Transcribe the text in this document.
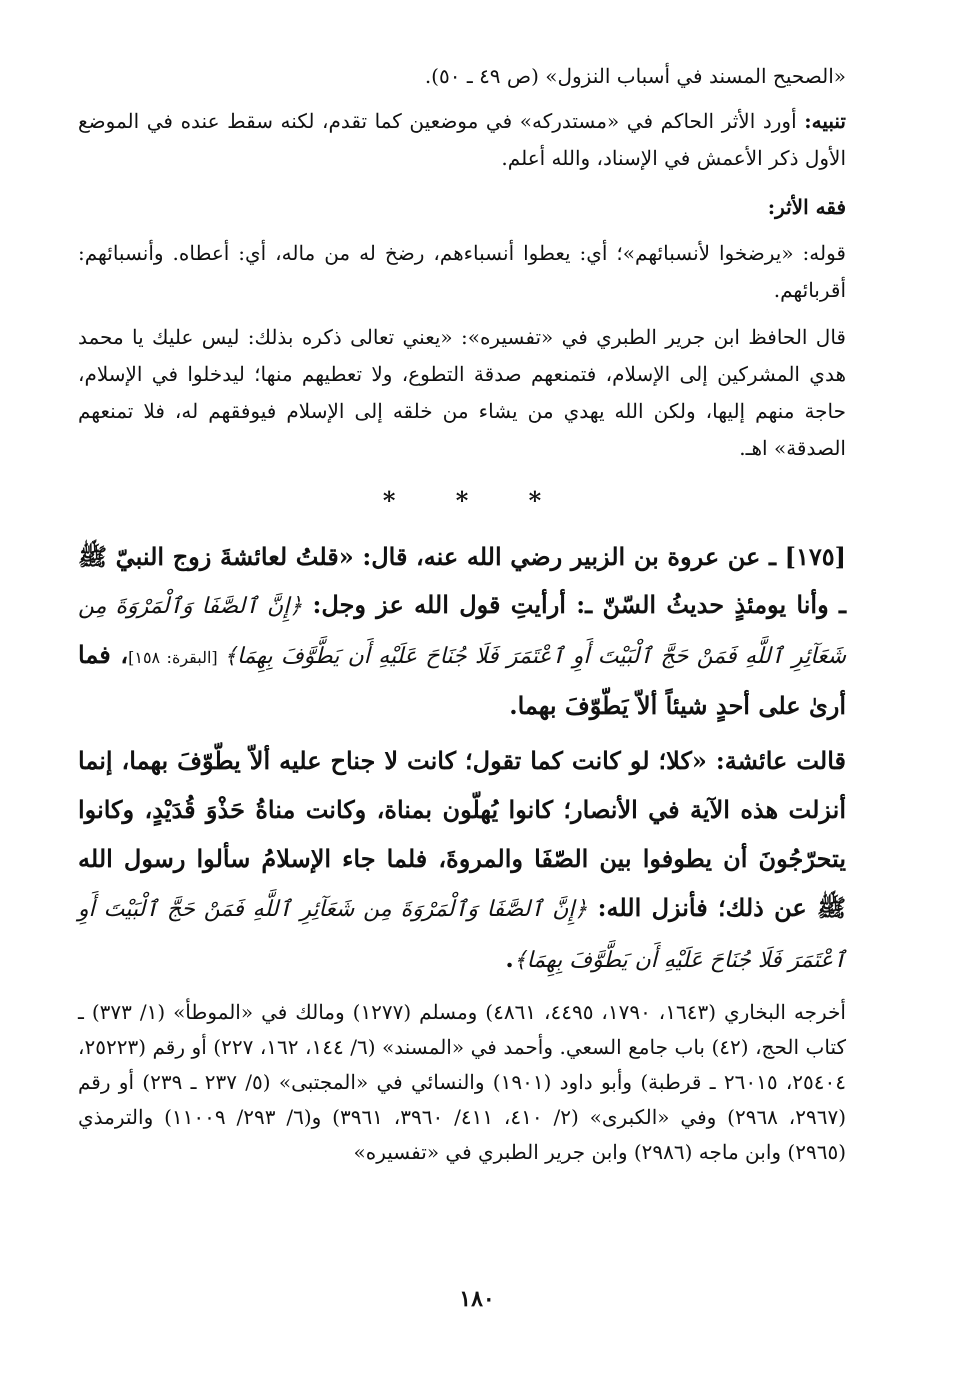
«الصحيح المسند في أسباب النزول» (ص ٤٩ ـ ٥٠).

تنبيه: أورد الأثر الحاكم في «مستدركه» في موضعين كما تقدم، لكنه سقط عنده في الموضع الأول ذكر الأعمش في الإسناد، والله أعلم.

فقه الأثر:

قوله: «يرضخوا لأنسبائهم»؛ أي: يعطوا أنسباءهم، رضخ له من ماله، أي: أعطاه. وأنسبائهم: أقربائهم.

قال الحافظ ابن جرير الطبري في «تفسيره»: «يعني تعالى ذكره بذلك: ليس عليك يا محمد هدي المشركين إلى الإسلام، فتمنعهم صدقة التطوع، ولا تعطيهم منها؛ ليدخلوا في الإسلام، حاجة منهم إليها، ولكن الله يهدي من يشاء من خلقه إلى الإسلام فيوفقهم له، فلا تمنعهم الصدقة» اهـ.

* * *

[١٧٥] ـ عن عروة بن الزبير رضي الله عنه، قال: «قلتُ لعائشةَ زوج النبيّ ﷺ ـ وأنا يومئذٍ حديثُ السّنّ ـ: أرأيتِ قول الله عز وجل: ﴿إِنَّ ٱلصَّفَا وَٱلْمَرْوَةَ مِن شَعَآئِرِ ٱللَّهِ فَمَنْ حَجَّ ٱلْبَيْتَ أَوِ ٱعْتَمَرَ فَلَا جُنَاحَ عَلَيْهِ أَن يَطَّوَّفَ بِهِمَا﴾ [البقرة: ١٥٨]، فما أرىٰ على أحدٍ شيئاً ألاّ يَطّوّفَ بهما.

قالت عائشة: «كلا؛ لو كانت كما تقول؛ كانت لا جناح عليه ألاّ يطّوّفَ بهما، إنما أنزلت هذه الآية في الأنصار؛ كانوا يُهلّون بمناة، وكانت مناةُ حَذْوَ قُدَيْدٍ، وكانوا يتحرّجُونَ أن يطوفوا بين الصّفَا والمروةَ، فلما جاء الإسلامُ سألوا رسول الله ﷺ عن ذلك؛ فأنزل الله: ﴿إِنَّ ٱلصَّفَا وَٱلْمَرْوَةَ مِن شَعَآئِرِ ٱللَّهِ فَمَنْ حَجَّ ٱلْبَيْتَ أَوِ ٱعْتَمَرَ فَلَا جُنَاحَ عَلَيْهِ أَن يَطَّوَّفَ بِهِمَا﴾.

أخرجه البخاري (١٦٤٣، ١٧٩٠، ٤٤٩٥، ٤٨٦١) ومسلم (١٢٧٧) ومالك في «الموطأ» (١/ ٣٧٣) ـ كتاب الحج، (٤٢) باب جامع السعي. وأحمد في «المسند» (٦/ ١٤٤، ١٦٢، ٢٢٧) أو رقم (٢٥٢٢٣، ٢٥٤٠٤، ٢٦٠١٥ ـ قرطبة) وأبو داود (١٩٠١) والنسائي في «المجتبى» (٥/ ٢٣٧ ـ ٢٣٩) أو رقم (٢٩٦٧، ٢٩٦٨) وفي «الكبرى» (٢/ ٤١٠، ٤١١/ ٣٩٦٠، ٣٩٦١) و(٦/ ٢٩٣/ ١١٠٠٩) والترمذي (٢٩٦٥) وابن ماجه (٢٩٨٦) وابن جرير الطبري في «تفسيره»

١٨٠
